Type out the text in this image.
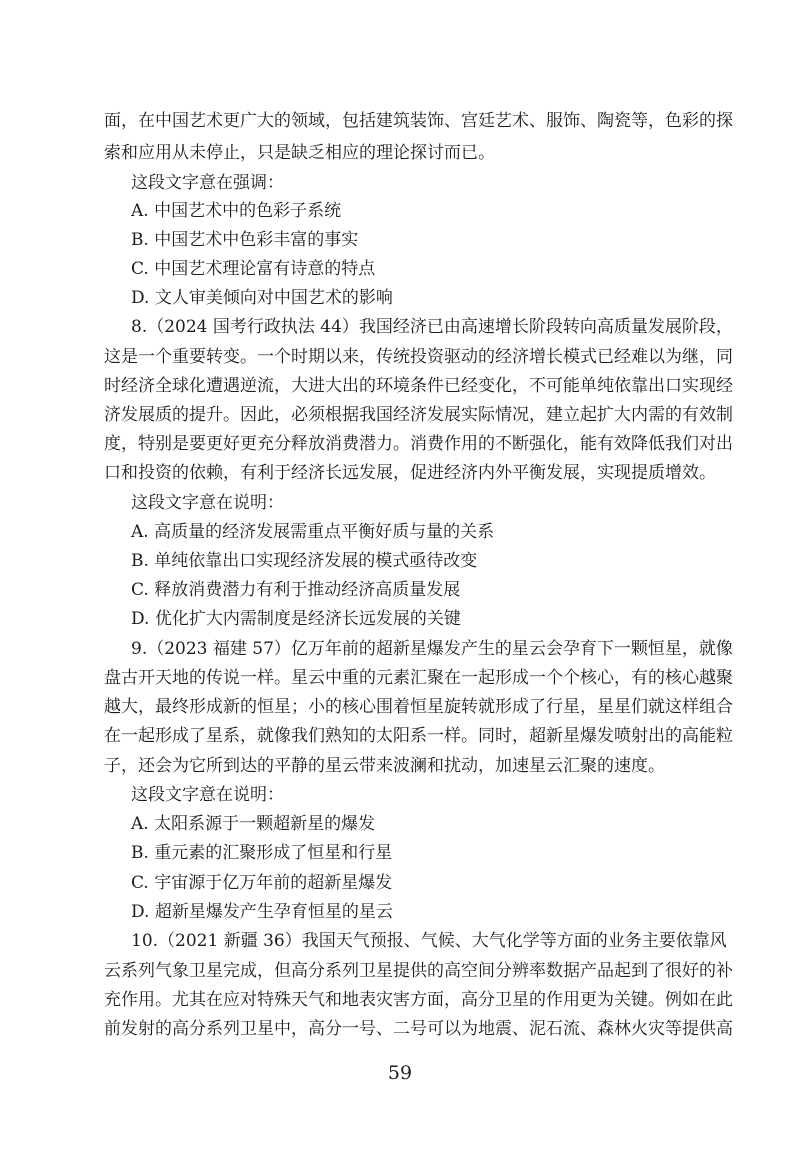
面，在中国艺术更广大的领域，包括建筑装饰、宫廷艺术、服饰、陶瓷等，色彩的探
索和应用从未停止，只是缺乏相应的理论探讨而已。
这段文字意在强调：
A. 中国艺术中的色彩子系统
B. 中国艺术中色彩丰富的事实
C. 中国艺术理论富有诗意的特点
D. 文人审美倾向对中国艺术的影响
8.（2024 国考行政执法 44）我国经济已由高速增长阶段转向高质量发展阶段，
这是一个重要转变。一个时期以来，传统投资驱动的经济增长模式已经难以为继，同
时经济全球化遭遇逆流，大进大出的环境条件已经变化，不可能单纯依靠出口实现经
济发展质的提升。因此，必须根据我国经济发展实际情况，建立起扩大内需的有效制
度，特别是要更好更充分释放消费潜力。消费作用的不断强化，能有效降低我们对出
口和投资的依赖，有利于经济长远发展，促进经济内外平衡发展，实现提质增效。
这段文字意在说明：
A. 高质量的经济发展需重点平衡好质与量的关系
B. 单纯依靠出口实现经济发展的模式亟待改变
C. 释放消费潜力有利于推动经济高质量发展
D. 优化扩大内需制度是经济长远发展的关键
9.（2023 福建 57）亿万年前的超新星爆发产生的星云会孕育下一颗恒星，就像
盘古开天地的传说一样。星云中重的元素汇聚在一起形成一个个核心，有的核心越聚
越大，最终形成新的恒星；小的核心围着恒星旋转就形成了行星，星星们就这样组合
在一起形成了星系，就像我们熟知的太阳系一样。同时，超新星爆发喷射出的高能粒
子，还会为它所到达的平静的星云带来波澜和扰动，加速星云汇聚的速度。
这段文字意在说明：
A. 太阳系源于一颗超新星的爆发
B. 重元素的汇聚形成了恒星和行星
C. 宇宙源于亿万年前的超新星爆发
D. 超新星爆发产生孕育恒星的星云
10.（2021 新疆 36）我国天气预报、气候、大气化学等方面的业务主要依靠风
云系列气象卫星完成，但高分系列卫星提供的高空间分辨率数据产品起到了很好的补
充作用。尤其在应对特殊天气和地表灾害方面，高分卫星的作用更为关键。例如在此
前发射的高分系列卫星中，高分一号、二号可以为地震、泥石流、森林火灾等提供高
59
